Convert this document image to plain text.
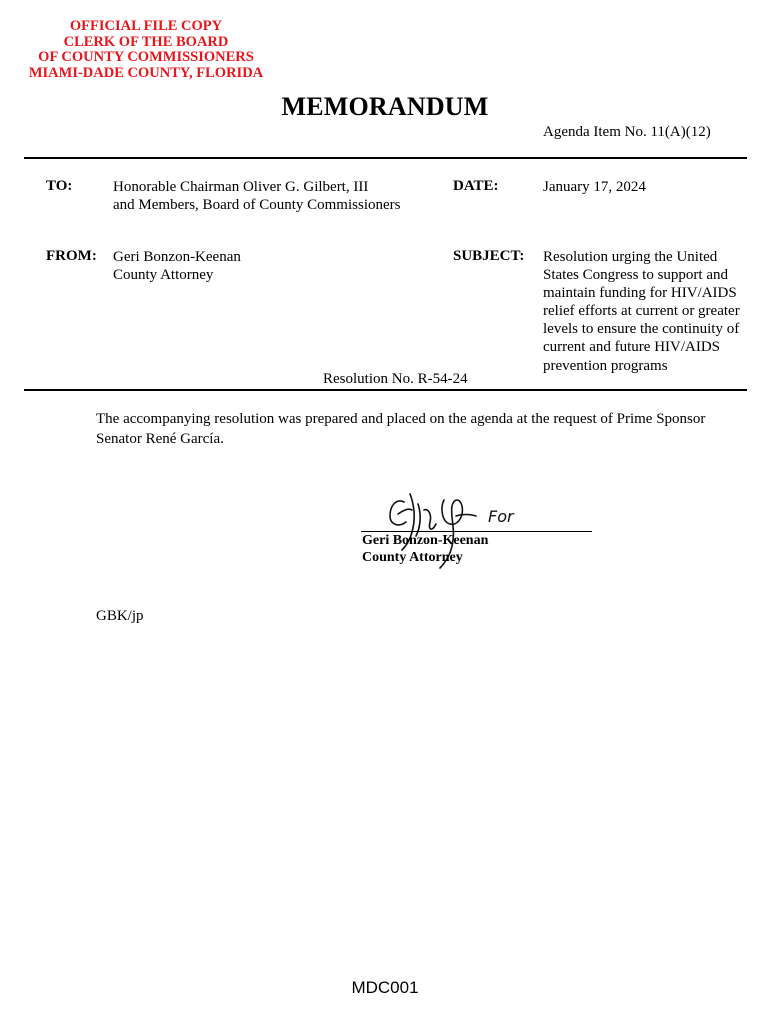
OFFICIAL FILE COPY
CLERK OF THE BOARD
OF COUNTY COMMISSIONERS
MIAMI-DADE COUNTY, FLORIDA
MEMORANDUM
Agenda Item No. 11(A)(12)
TO:	Honorable Chairman Oliver G. Gilbert, III
and Members, Board of County Commissioners
DATE:	January 17, 2024
FROM: Geri Bonzon-Keenan
County Attorney
SUBJECT: Resolution urging the United
States Congress to support and
maintain funding for HIV/AIDS
relief efforts at current or greater
levels to ensure the continuity of
current and future HIV/AIDS
prevention programs
Resolution No. R-54-24
The accompanying resolution was prepared and placed on the agenda at the request of Prime Sponsor
Senator René García.
For
Geri Bonzon-Keenan
County Attorney
GBK/jp
MDC001
